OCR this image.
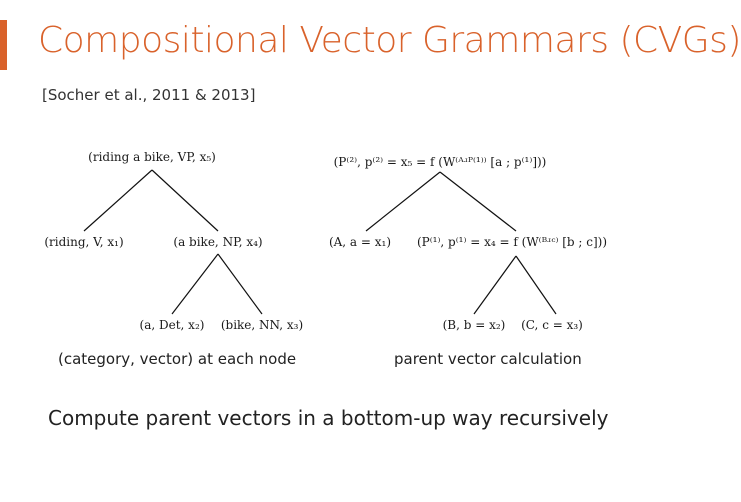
Compositional Vector Grammars (CVGs)
[Socher et al., 2011 & 2013]
(riding a bike, VP, x₅)
(riding, V, x₁)	(a bike, NP, x₄)
(a, Det, x₂) (bike, NN, x₃)
(P⁽²⁾, p⁽²⁾ = x₅ = f (W⁽ᴬʴᴾ⁽¹⁾⁾ [a ; p⁽¹⁾]))
(A, a = x₁) (P⁽¹⁾, p⁽¹⁾ = x₄ = f (W⁽ᴮʴᶜ⁾ [b ; c]))
(B, b = x₂) (C, c = x₃)
(category, vector) at each node	parent vector calculation
Compute parent vectors in a bottom-up way recursively
